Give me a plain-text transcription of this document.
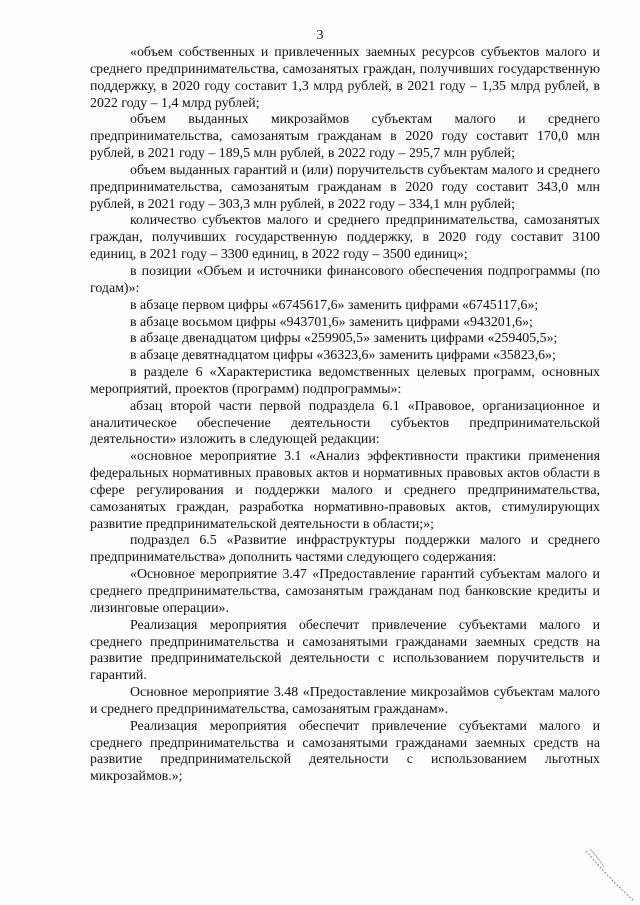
3

«объем собственных и привлеченных заемных ресурсов субъектов малого и среднего предпринимательства, самозанятых граждан, получивших государственную поддержку, в 2020 году составит 1,3 млрд рублей, в 2021 году – 1,35 млрд рублей, в 2022 году – 1,4 млрд рублей;

объем выданных микрозаймов субъектам малого и среднего предпринимательства, самозанятым гражданам в 2020 году составит 170,0 млн рублей, в 2021 году – 189,5 млн рублей, в 2022 году – 295,7 млн рублей;

объем выданных гарантий и (или) поручительств субъектам малого и среднего предпринимательства, самозанятым гражданам в 2020 году составит 343,0 млн рублей, в 2021 году – 303,3 млн рублей, в 2022 году – 334,1 млн рублей;

количество субъектов малого и среднего предпринимательства, самозанятых граждан, получивших государственную поддержку, в 2020 году составит 3100 единиц, в 2021 году – 3300 единиц, в 2022 году – 3500 единиц»;

в позиции «Объем и источники финансового обеспечения подпрограммы (по годам)»:

в абзаце первом цифры «6745617,6» заменить цифрами «6745117,6»;

в абзаце восьмом цифры «943701,6» заменить цифрами «943201,6»;

в абзаце двенадцатом цифры «259905,5» заменить цифрами «259405,5»;

в абзаце девятнадцатом цифры «36323,6» заменить цифрами «35823,6»;

в разделе 6 «Характеристика ведомственных целевых программ, основных мероприятий, проектов (программ) подпрограммы»:

абзац второй части первой подраздела 6.1 «Правовое, организационное и аналитическое обеспечение деятельности субъектов предпринимательской деятельности» изложить в следующей редакции:

«основное мероприятие 3.1 «Анализ эффективности практики применения федеральных нормативных правовых актов и нормативных правовых актов области в сфере регулирования и поддержки малого и среднего предпринимательства, самозанятых граждан, разработка нормативно-правовых актов, стимулирующих развитие предпринимательской деятельности в области;»;

подраздел 6.5 «Развитие инфраструктуры поддержки малого и среднего предпринимательства» дополнить частями следующего содержания:

«Основное мероприятие 3.47 «Предоставление гарантий субъектам малого и среднего предпринимательства, самозанятым гражданам под банковские кредиты и лизинговые операции».

Реализация мероприятия обеспечит привлечение субъектами малого и среднего предпринимательства и самозанятыми гражданами заемных средств на развитие предпринимательской деятельности с использованием поручительств и гарантий.

Основное мероприятие 3.48 «Предоставление микрозаймов субъектам малого и среднего предпринимательства, самозанятым гражданам».

Реализация мероприятия обеспечит привлечение субъектами малого и среднего предпринимательства и самозанятыми гражданами заемных средств на развитие предпринимательской деятельности с использованием льготных микрозаймов.»;
